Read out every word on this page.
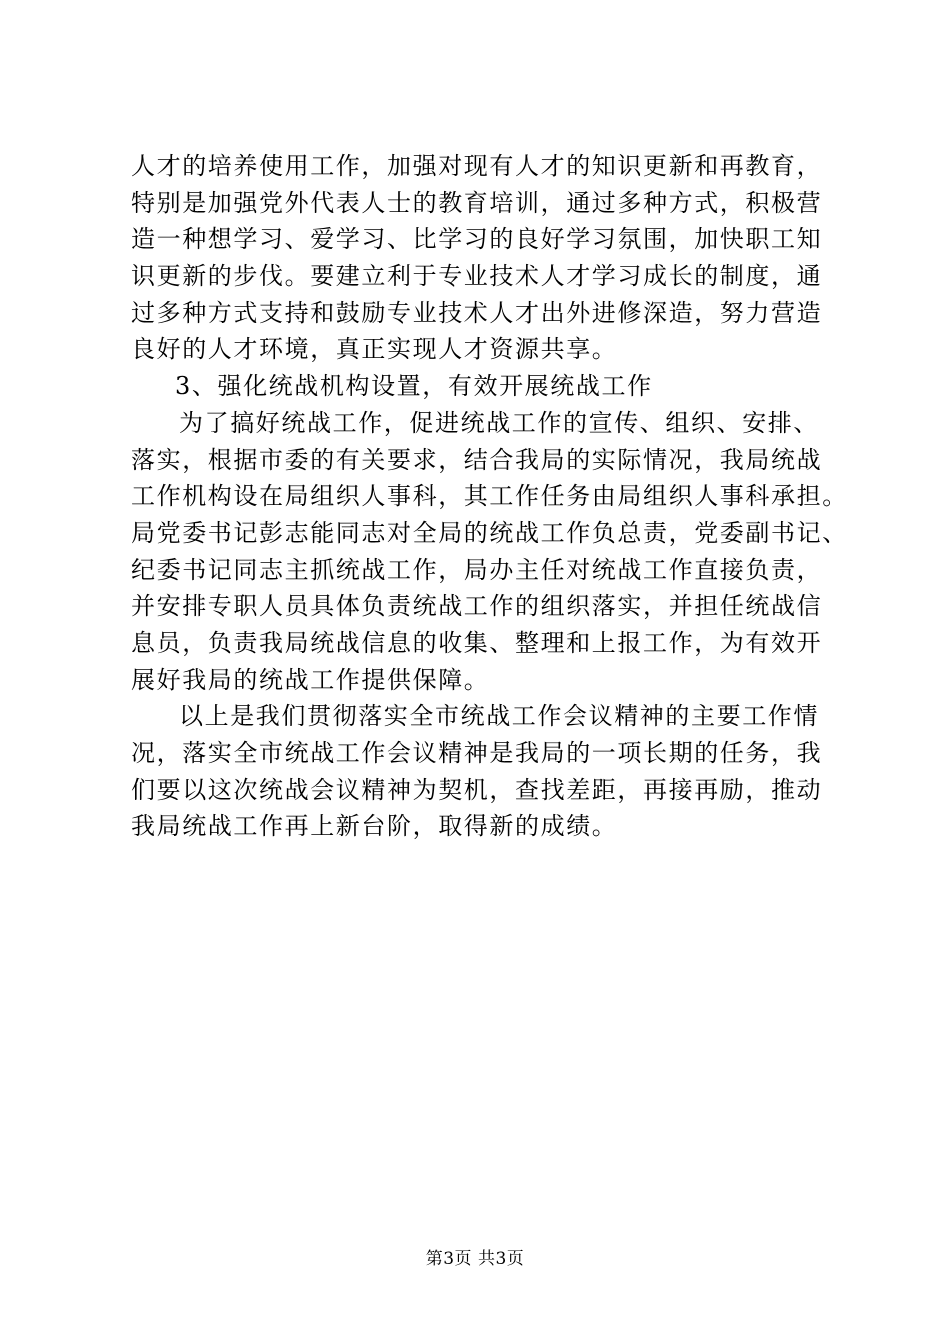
人才的培养使用工作，加强对现有人才的知识更新和再教育，
特别是加强党外代表人士的教育培训，通过多种方式，积极营
造一种想学习、爱学习、比学习的良好学习氛围，加快职工知
识更新的步伐。要建立利于专业技术人才学习成长的制度，通
过多种方式支持和鼓励专业技术人才出外进修深造，努力营造
良好的人才环境，真正实现人才资源共享。
3、强化统战机构设置，有效开展统战工作
为了搞好统战工作，促进统战工作的宣传、组织、安排、
落实，根据市委的有关要求，结合我局的实际情况，我局统战
工作机构设在局组织人事科，其工作任务由局组织人事科承担。
局党委书记彭志能同志对全局的统战工作负总责，党委副书记、
纪委书记同志主抓统战工作，局办主任对统战工作直接负责，
并安排专职人员具体负责统战工作的组织落实，并担任统战信
息员，负责我局统战信息的收集、整理和上报工作，为有效开
展好我局的统战工作提供保障。
以上是我们贯彻落实全市统战工作会议精神的主要工作情
况，落实全市统战工作会议精神是我局的一项长期的任务，我
们要以这次统战会议精神为契机，查找差距，再接再励，推动
我局统战工作再上新台阶，取得新的成绩。
第3页 共3页
